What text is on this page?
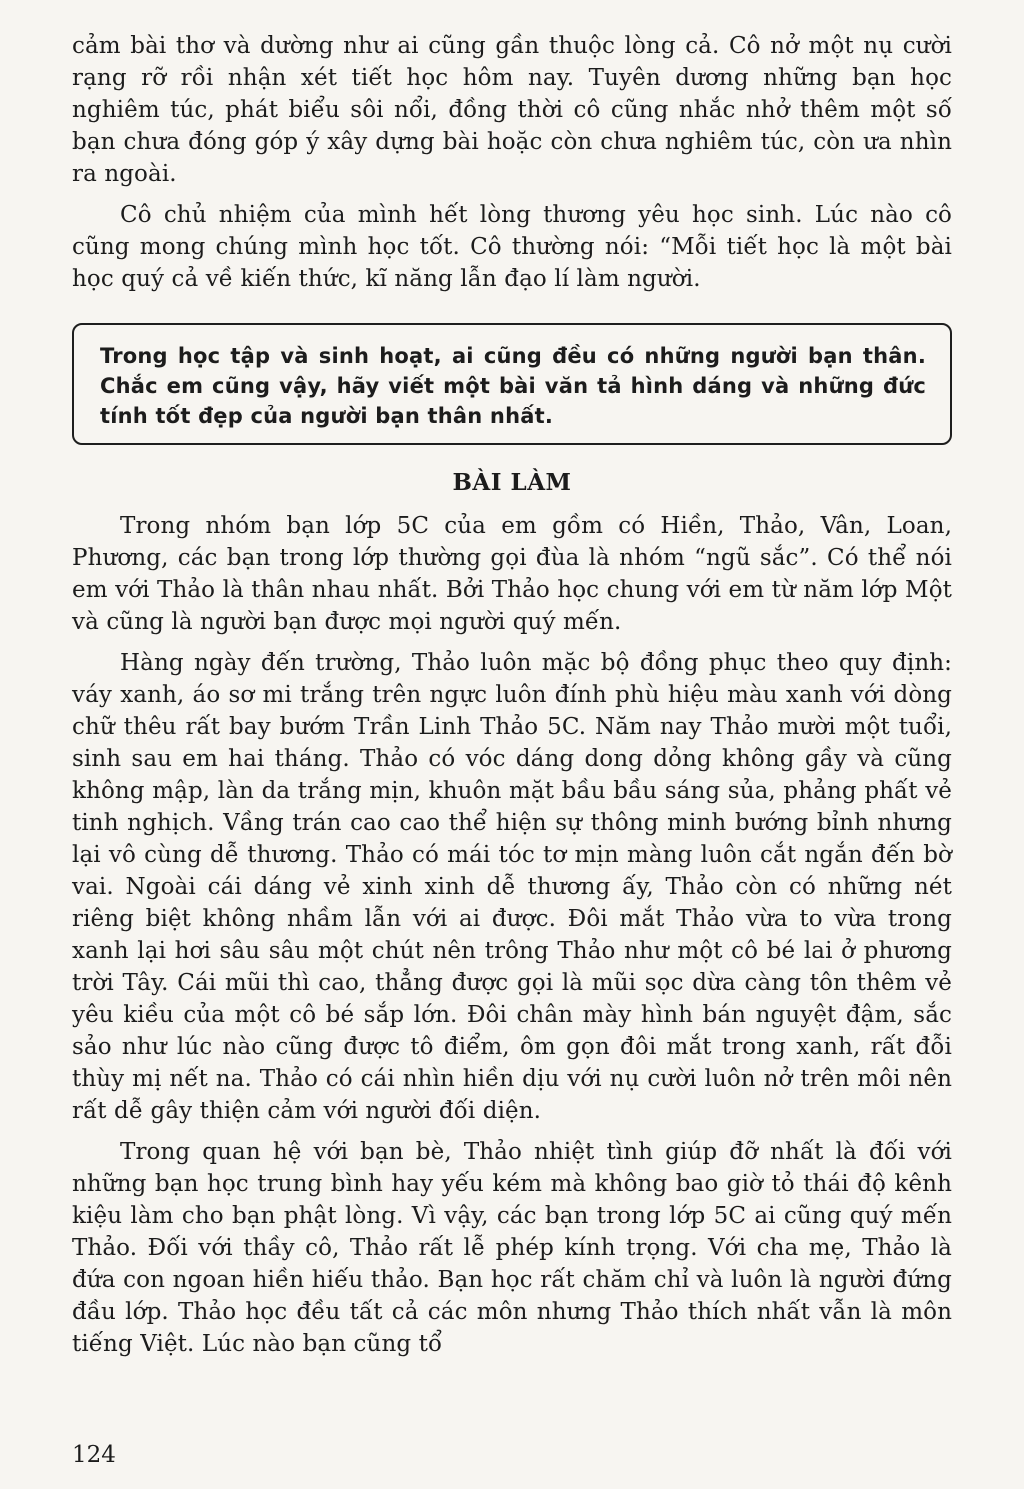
cảm bài thơ và dường như ai cũng gần thuộc lòng cả. Cô nở một nụ cười rạng rỡ rồi nhận xét tiết học hôm nay. Tuyên dương những bạn học nghiêm túc, phát biểu sôi nổi, đồng thời cô cũng nhắc nhở thêm một số bạn chưa đóng góp ý xây dựng bài hoặc còn chưa nghiêm túc, còn ưa nhìn ra ngoài.

Cô chủ nhiệm của mình hết lòng thương yêu học sinh. Lúc nào cô cũng mong chúng mình học tốt. Cô thường nói: “Mỗi tiết học là một bài học quý cả về kiến thức, kĩ năng lẫn đạo lí làm người.

Trong học tập và sinh hoạt, ai cũng đều có những người bạn thân. Chắc em cũng vậy, hãy viết một bài văn tả hình dáng và những đức tính tốt đẹp của người bạn thân nhất.
BÀI LÀM

Trong nhóm bạn lớp 5C của em gồm có Hiền, Thảo, Vân, Loan, Phương, các bạn trong lớp thường gọi đùa là nhóm “ngũ sắc”. Có thể nói em với Thảo là thân nhau nhất. Bởi Thảo học chung với em từ năm lớp Một và cũng là người bạn được mọi người quý mến.

Hàng ngày đến trường, Thảo luôn mặc bộ đồng phục theo quy định: váy xanh, áo sơ mi trắng trên ngực luôn đính phù hiệu màu xanh với dòng chữ thêu rất bay bướm Trần Linh Thảo 5C. Năm nay Thảo mười một tuổi, sinh sau em hai tháng. Thảo có vóc dáng dong dỏng không gầy và cũng không mập, làn da trắng mịn, khuôn mặt bầu bầu sáng sủa, phảng phất vẻ tinh nghịch. Vầng trán cao cao thể hiện sự thông minh bướng bỉnh nhưng lại vô cùng dễ thương. Thảo có mái tóc tơ mịn màng luôn cắt ngắn đến bờ vai. Ngoài cái dáng vẻ xinh xinh dễ thương ấy, Thảo còn có những nét riêng biệt không nhầm lẫn với ai được. Đôi mắt Thảo vừa to vừa trong xanh lại hơi sâu sâu một chút nên trông Thảo như một cô bé lai ở phương trời Tây. Cái mũi thì cao, thẳng được gọi là mũi sọc dừa càng tôn thêm vẻ yêu kiều của một cô bé sắp lớn. Đôi chân mày hình bán nguyệt đậm, sắc sảo như lúc nào cũng được tô điểm, ôm gọn đôi mắt trong xanh, rất đỗi thùy mị nết na. Thảo có cái nhìn hiền dịu với nụ cười luôn nở trên môi nên rất dễ gây thiện cảm với người đối diện.

Trong quan hệ với bạn bè, Thảo nhiệt tình giúp đỡ nhất là đối với những bạn học trung bình hay yếu kém mà không bao giờ tỏ thái độ kênh kiệu làm cho bạn phật lòng. Vì vậy, các bạn trong lớp 5C ai cũng quý mến Thảo. Đối với thầy cô, Thảo rất lễ phép kính trọng. Với cha mẹ, Thảo là đứa con ngoan hiền hiếu thảo. Bạn học rất chăm chỉ và luôn là người đứng đầu lớp. Thảo học đều tất cả các môn nhưng Thảo thích nhất vẫn là môn tiếng Việt. Lúc nào bạn cũng tổ

124
